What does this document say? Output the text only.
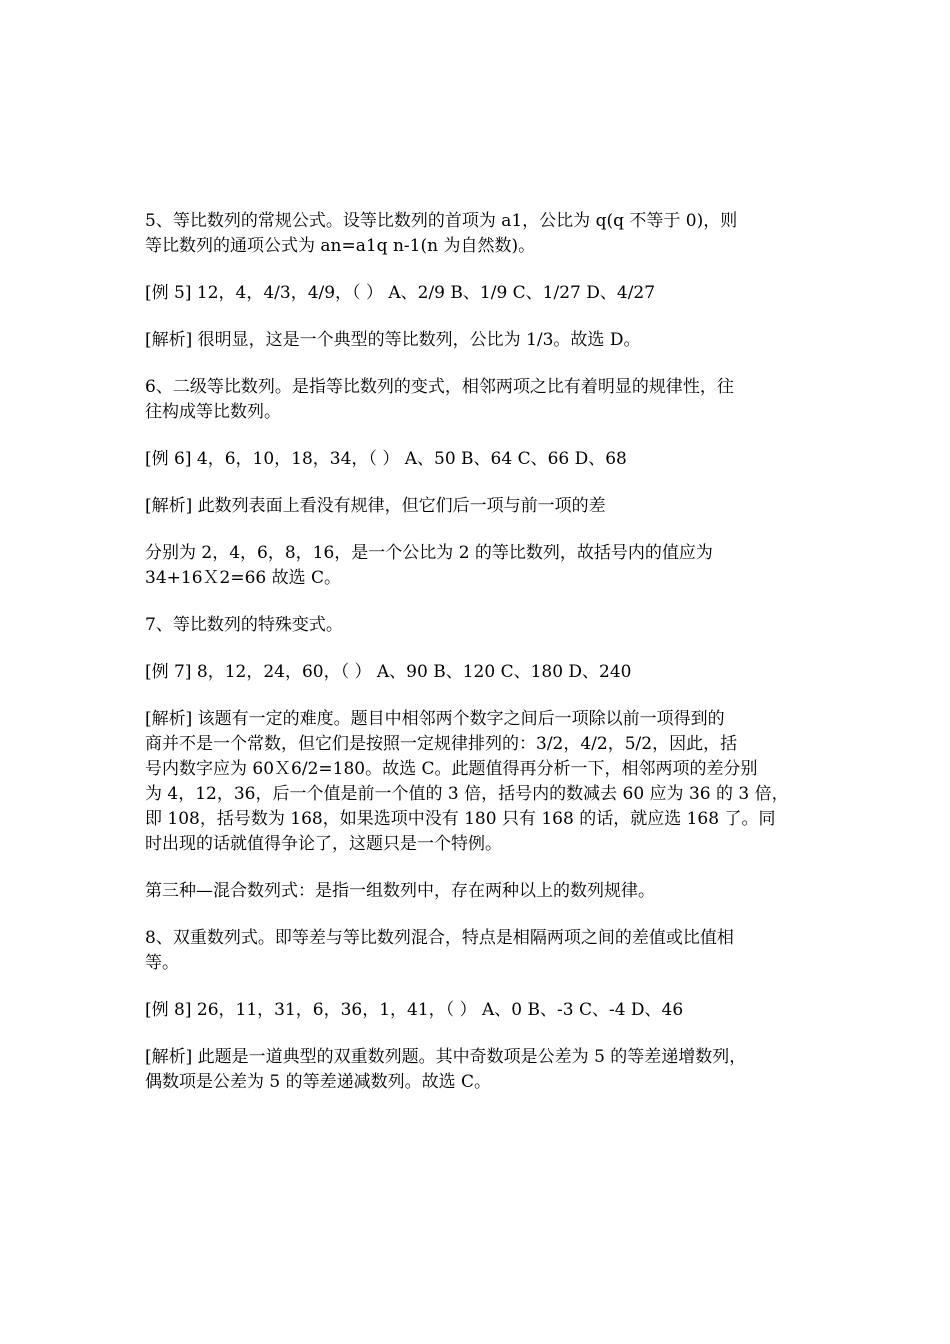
5、等比数列的常规公式。设等比数列的首项为 a1，公比为 q(q 不等于 0)，则
等比数列的通项公式为 an=a1q n-1(n 为自然数)。

[例 5] 12，4，4/3，4/9，（ ） A、2/9 B、1/9 C、1/27 D、4/27

[解析] 很明显，这是一个典型的等比数列，公比为 1/3。故选 D。

6、二级等比数列。是指等比数列的变式，相邻两项之比有着明显的规律性，往
往构成等比数列。

[例 6] 4，6，10，18，34，（ ） A、50 B、64 C、66 D、68

[解析] 此数列表面上看没有规律，但它们后一项与前一项的差

分别为 2，4，6，8，16，是一个公比为 2 的等比数列，故括号内的值应为
34+16Ｘ2=66 故选 C。

7、等比数列的特殊变式。

[例 7] 8，12，24，60，（ ） A、90 B、120 C、180 D、240

[解析] 该题有一定的难度。题目中相邻两个数字之间后一项除以前一项得到的
商并不是一个常数，但它们是按照一定规律排列的：3/2，4/2，5/2，因此，括
号内数字应为 60Ｘ6/2=180。故选 C。此题值得再分析一下，相邻两项的差分别
为 4，12，36，后一个值是前一个值的 3 倍，括号内的数减去 60 应为 36 的 3 倍，
即 108，括号数为 168，如果选项中没有 180 只有 168 的话，就应选 168 了。同
时出现的话就值得争论了，这题只是一个特例。

第三种—混合数列式：是指一组数列中，存在两种以上的数列规律。

8、双重数列式。即等差与等比数列混合，特点是相隔两项之间的差值或比值相
等。

[例 8] 26，11，31，6，36，1，41，（ ） A、0 B、-3 C、-4 D、46

[解析] 此题是一道典型的双重数列题。其中奇数项是公差为 5 的等差递增数列，
偶数项是公差为 5 的等差递减数列。故选 C。
